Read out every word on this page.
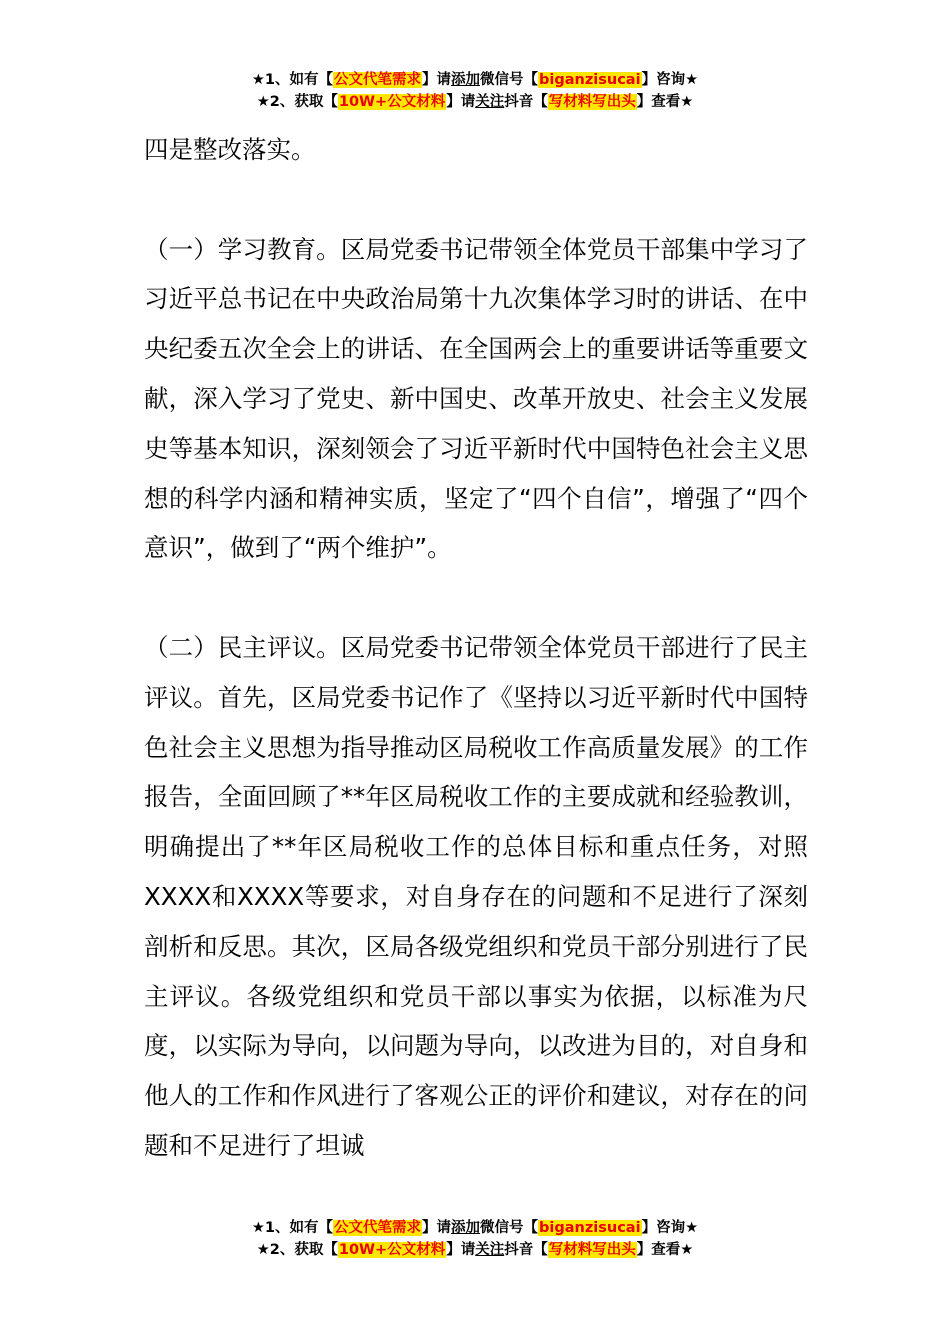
★1、如有【公文代笔需求】请添加微信号【biganzisucai】咨询★
★2、获取【10W+公文材料】请关注抖音【写材料写出头】查看★

四是整改落实。

（一）学习教育。区局党委书记带领全体党员干部集中学习了习近平总书记在中央政治局第十九次集体学习时的讲话、在中央纪委五次全会上的讲话、在全国两会上的重要讲话等重要文献，深入学习了党史、新中国史、改革开放史、社会主义发展史等基本知识，深刻领会了习近平新时代中国特色社会主义思想的科学内涵和精神实质，坚定了“四个自信”，增强了“四个意识”，做到了“两个维护”。

（二）民主评议。区局党委书记带领全体党员干部进行了民主评议。首先，区局党委书记作了《坚持以习近平新时代中国特色社会主义思想为指导推动区局税收工作高质量发展》的工作报告，全面回顾了**年区局税收工作的主要成就和经验教训，明确提出了**年区局税收工作的总体目标和重点任务，对照XXXX和XXXX等要求，对自身存在的问题和不足进行了深刻剖析和反思。其次，区局各级党组织和党员干部分别进行了民主评议。各级党组织和党员干部以事实为依据，以标准为尺度，以实际为导向，以问题为导向，以改进为目的，对自身和他人的工作和作风进行了客观公正的评价和建议，对存在的问题和不足进行了坦诚

★1、如有【公文代笔需求】请添加微信号【biganzisucai】咨询★
★2、获取【10W+公文材料】请关注抖音【写材料写出头】查看★
